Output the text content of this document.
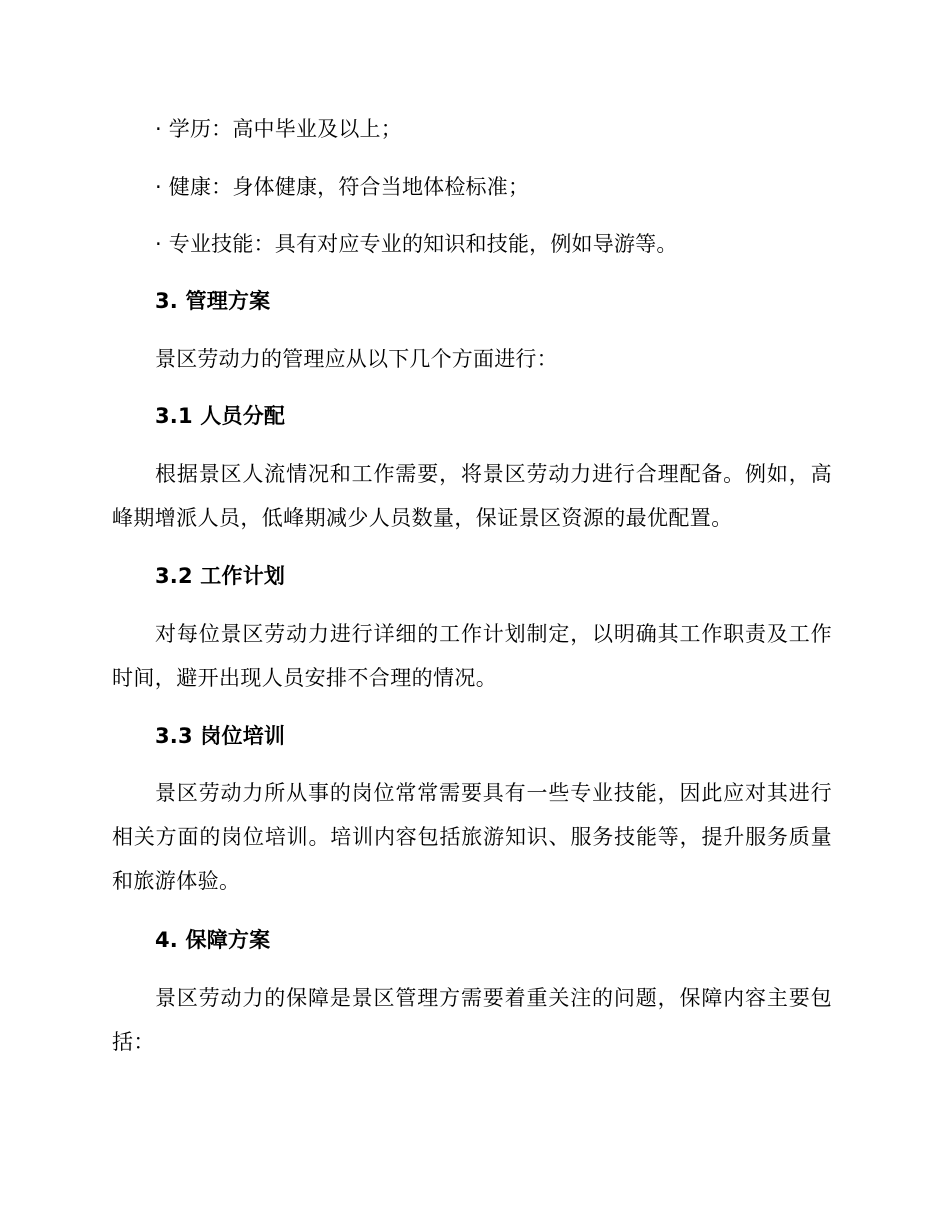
· 学历：高中毕业及以上；
· 健康：身体健康，符合当地体检标准；
· 专业技能：具有对应专业的知识和技能，例如导游等。
3. 管理方案
景区劳动力的管理应从以下几个方面进行：
3.1 人员分配
根据景区人流情况和工作需要，将景区劳动力进行合理配备。例如，高峰期增派人员，低峰期减少人员数量，保证景区资源的最优配置。
3.2 工作计划
对每位景区劳动力进行详细的工作计划制定，以明确其工作职责及工作时间，避开出现人员安排不合理的情况。
3.3 岗位培训
景区劳动力所从事的岗位常常需要具有一些专业技能，因此应对其进行相关方面的岗位培训。培训内容包括旅游知识、服务技能等，提升服务质量和旅游体验。
4. 保障方案
景区劳动力的保障是景区管理方需要着重关注的问题，保障内容主要包括：
